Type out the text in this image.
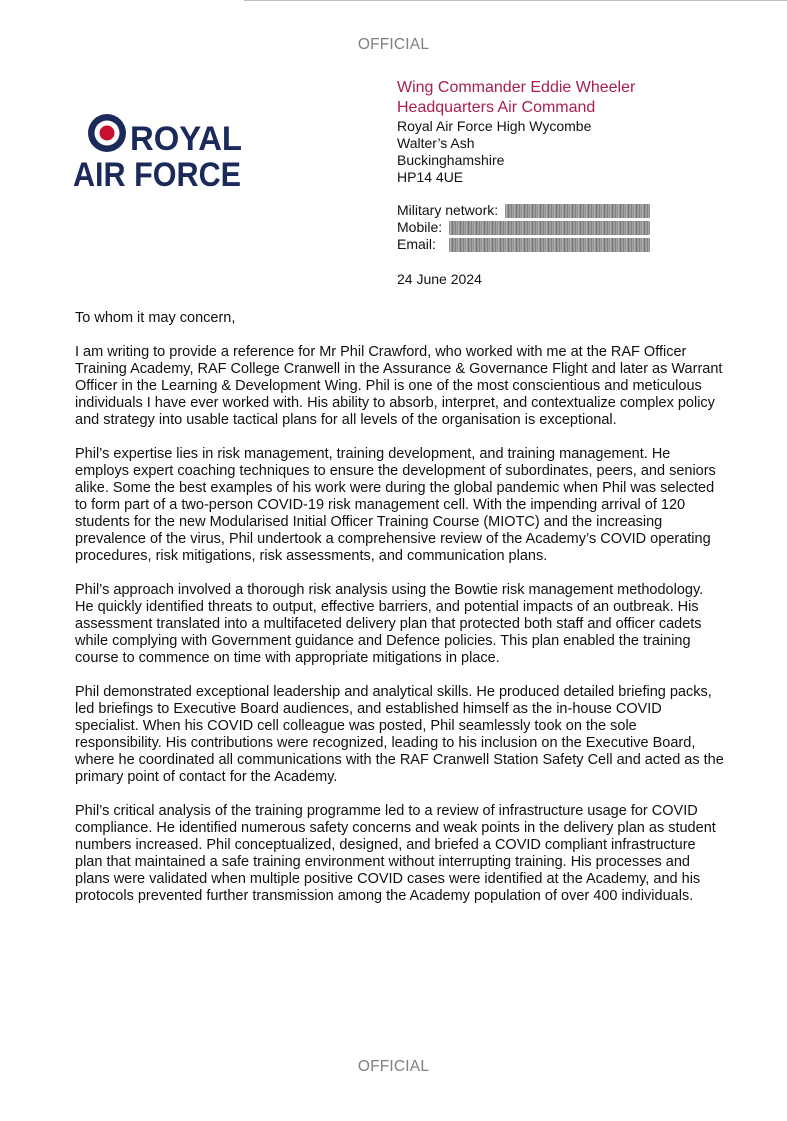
OFFICIAL
ROYAL
AIR FORCE
Wing Commander Eddie Wheeler
Headquarters Air Command
Royal Air Force High Wycombe
Walter’s Ash
Buckinghamshire
HP14 4UE
Military network:
Mobile:
Email:
24 June 2024

To whom it may concern,

I am writing to provide a reference for Mr Phil Crawford, who worked with me at the RAF Officer Training Academy, RAF College Cranwell in the Assurance & Governance Flight and later as Warrant Officer in the Learning & Development Wing. Phil is one of the most conscientious and meticulous individuals I have ever worked with. His ability to absorb, interpret, and contextualize complex policy and strategy into usable tactical plans for all levels of the organisation is exceptional.

Phil’s expertise lies in risk management, training development, and training management. He employs expert coaching techniques to ensure the development of subordinates, peers, and seniors alike. Some the best examples of his work were during the global pandemic when Phil was selected to form part of a two-person COVID-19 risk management cell. With the impending arrival of 120 students for the new Modularised Initial Officer Training Course (MIOTC) and the increasing prevalence of the virus, Phil undertook a comprehensive review of the Academy’s COVID operating procedures, risk mitigations, risk assessments, and communication plans.

Phil’s approach involved a thorough risk analysis using the Bowtie risk management methodology. He quickly identified threats to output, effective barriers, and potential impacts of an outbreak. His assessment translated into a multifaceted delivery plan that protected both staff and officer cadets while complying with Government guidance and Defence policies. This plan enabled the training course to commence on time with appropriate mitigations in place.

Phil demonstrated exceptional leadership and analytical skills. He produced detailed briefing packs, led briefings to Executive Board audiences, and established himself as the in-house COVID specialist. When his COVID cell colleague was posted, Phil seamlessly took on the sole responsibility. His contributions were recognized, leading to his inclusion on the Executive Board, where he coordinated all communications with the RAF Cranwell Station Safety Cell and acted as the primary point of contact for the Academy.

Phil’s critical analysis of the training programme led to a review of infrastructure usage for COVID compliance. He identified numerous safety concerns and weak points in the delivery plan as student numbers increased. Phil conceptualized, designed, and briefed a COVID compliant infrastructure plan that maintained a safe training environment without interrupting training. His processes and plans were validated when multiple positive COVID cases were identified at the Academy, and his protocols prevented further transmission among the Academy population of over 400 individuals.

OFFICIAL
